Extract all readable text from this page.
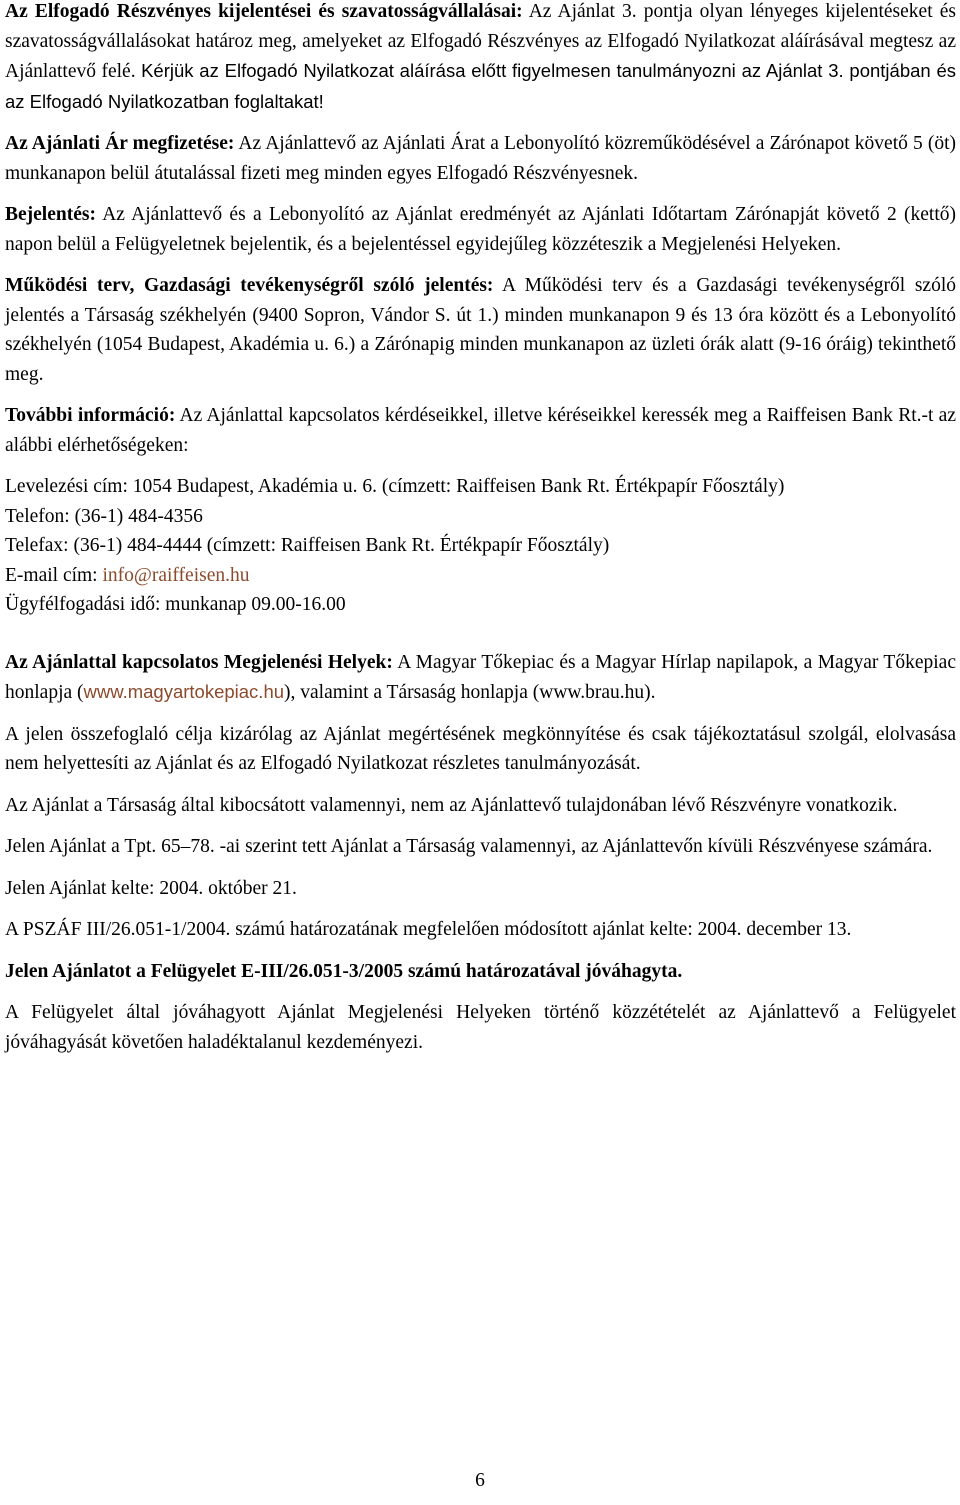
Az Elfogadó Részvényes kijelentései és szavatosságvállalásai: Az Ajánlat 3. pontja olyan lényeges kijelentéseket és szavatosságvállalásokat határoz meg, amelyeket az Elfogadó Részvényes az Elfogadó Nyilatkozat aláírásával megtesz az Ajánlattevő felé. Kérjük az Elfogadó Nyilatkozat aláírása előtt figyelmesen tanulmányozni az Ajánlat 3. pontjában és az Elfogadó Nyilatkozatban foglaltakat!

Az Ajánlati Ár megfizetése: Az Ajánlattevő az Ajánlati Árat a Lebonyolító közreműködésével a Zárónapot követő 5 (öt) munkanapon belül átutalással fizeti meg minden egyes Elfogadó Részvényesnek.

Bejelentés: Az Ajánlattevő és a Lebonyolító az Ajánlat eredményét az Ajánlati Időtartam Zárónapját követő 2 (kettő) napon belül a Felügyeletnek bejelentik, és a bejelentéssel egyidejűleg közzéteszik a Megjelenési Helyeken.

Működési terv, Gazdasági tevékenységről szóló jelentés: A Működési terv és a Gazdasági tevékenységről szóló jelentés a Társaság székhelyén (9400 Sopron, Vándor S. út 1.) minden munkanapon 9 és 13 óra között és a Lebonyolító székhelyén (1054 Budapest, Akadémia u. 6.) a Zárónapig minden munkanapon az üzleti órák alatt (9-16 óráig) tekinthető meg.

További információ: Az Ajánlattal kapcsolatos kérdéseikkel, illetve kéréseikkel keressék meg a Raiffeisen Bank Rt.-t az alábbi elérhetőségeken:

Levelezési cím: 1054 Budapest, Akadémia u. 6. (címzett: Raiffeisen Bank Rt. Értékpapír Főosztály)
Telefon: (36-1) 484-4356
Telefax: (36-1) 484-4444 (címzett: Raiffeisen Bank Rt. Értékpapír Főosztály)
E-mail cím: info@raiffeisen.hu
Ügyfélfogadási idő: munkanap 09.00-16.00

Az Ajánlattal kapcsolatos Megjelenési Helyek: A Magyar Tőkepiac és a Magyar Hírlap napilapok, a Magyar Tőkepiac honlapja (www.magyartokepiac.hu), valamint a Társaság honlapja (www.brau.hu).

A jelen összefoglaló célja kizárólag az Ajánlat megértésének megkönnyítése és csak tájékoztatásul szolgál, elolvasása nem helyettesíti az Ajánlat és az Elfogadó Nyilatkozat részletes tanulmányozását.

Az Ajánlat a Társaság által kibocsátott valamennyi, nem az Ajánlattevő tulajdonában lévő Részvényre vonatkozik.

Jelen Ajánlat a Tpt. 65–78. -ai szerint tett Ajánlat a Társaság valamennyi, az Ajánlattevőn kívüli Részvényese számára.

Jelen Ajánlat kelte: 2004. október 21.

A PSZÁF III/26.051-1/2004. számú határozatának megfelelően módosított ajánlat kelte: 2004. december 13.

Jelen Ajánlatot a Felügyelet E-III/26.051-3/2005 számú határozatával jóváhagyta.

A Felügyelet által jóváhagyott Ajánlat Megjelenési Helyeken történő közzétételét az Ajánlattevő a Felügyelet jóváhagyását követően haladéktalanul kezdeményezi.

6
